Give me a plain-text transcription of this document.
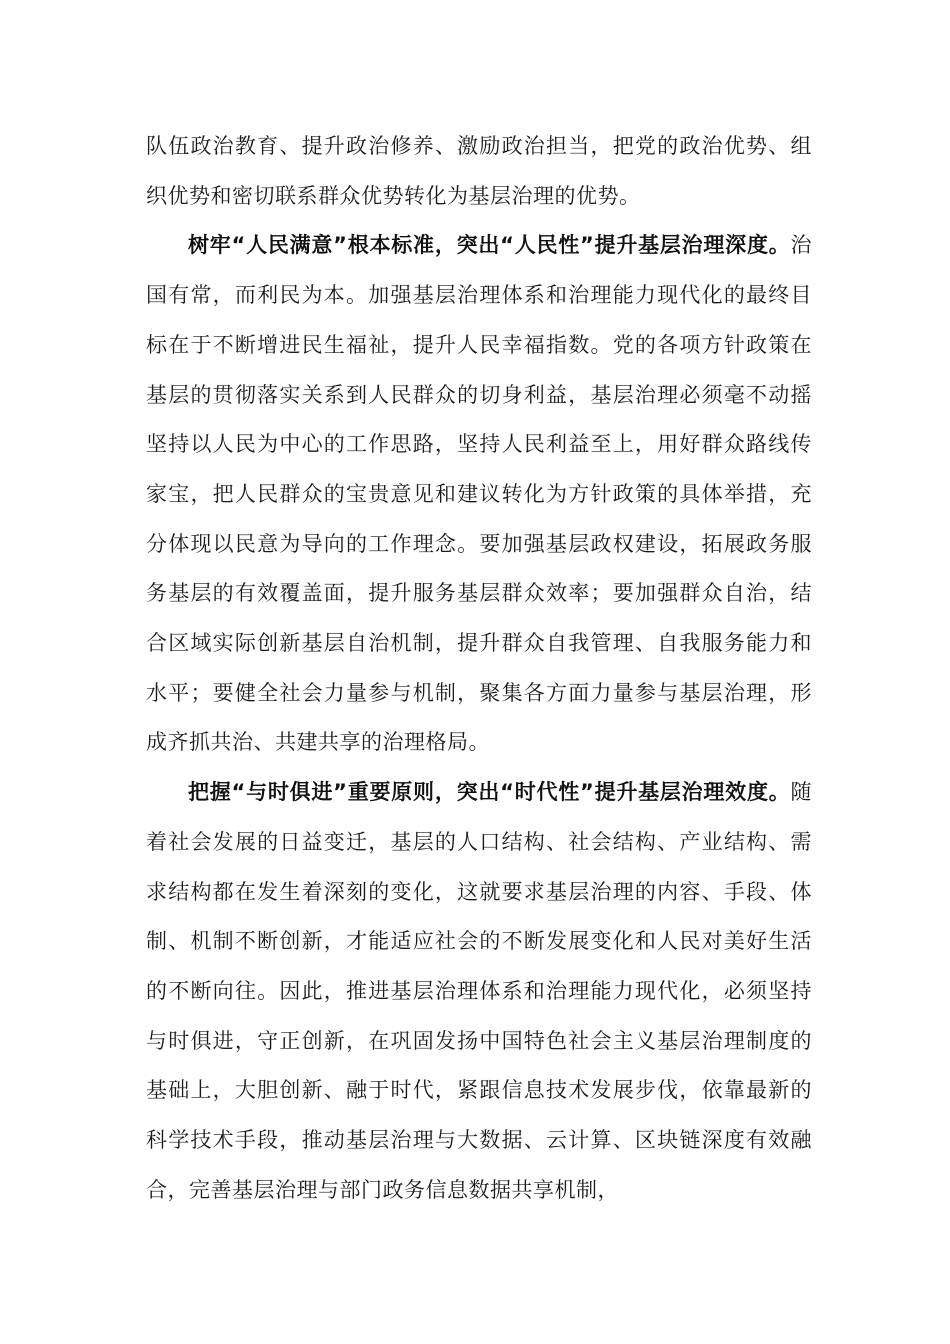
队伍政治教育、提升政治修养、激励政治担当，把党的政治优势、组织优势和密切联系群众优势转化为基层治理的优势。

树牢“人民满意”根本标准，突出“人民性”提升基层治理深度。治国有常，而利民为本。加强基层治理体系和治理能力现代化的最终目标在于不断增进民生福祉，提升人民幸福指数。党的各项方针政策在基层的贯彻落实关系到人民群众的切身利益，基层治理必须毫不动摇坚持以人民为中心的工作思路，坚持人民利益至上，用好群众路线传家宝，把人民群众的宝贵意见和建议转化为方针政策的具体举措，充分体现以民意为导向的工作理念。要加强基层政权建设，拓展政务服务基层的有效覆盖面，提升服务基层群众效率；要加强群众自治，结合区域实际创新基层自治机制，提升群众自我管理、自我服务能力和水平；要健全社会力量参与机制，聚集各方面力量参与基层治理，形成齐抓共治、共建共享的治理格局。

把握“与时俱进”重要原则，突出“时代性”提升基层治理效度。随着社会发展的日益变迁，基层的人口结构、社会结构、产业结构、需求结构都在发生着深刻的变化，这就要求基层治理的内容、手段、体制、机制不断创新，才能适应社会的不断发展变化和人民对美好生活的不断向往。因此，推进基层治理体系和治理能力现代化，必须坚持与时俱进，守正创新，在巩固发扬中国特色社会主义基层治理制度的基础上，大胆创新、融于时代，紧跟信息技术发展步伐，依靠最新的科学技术手段，推动基层治理与大数据、云计算、区块链深度有效融合，完善基层治理与部门政务信息数据共享机制，
